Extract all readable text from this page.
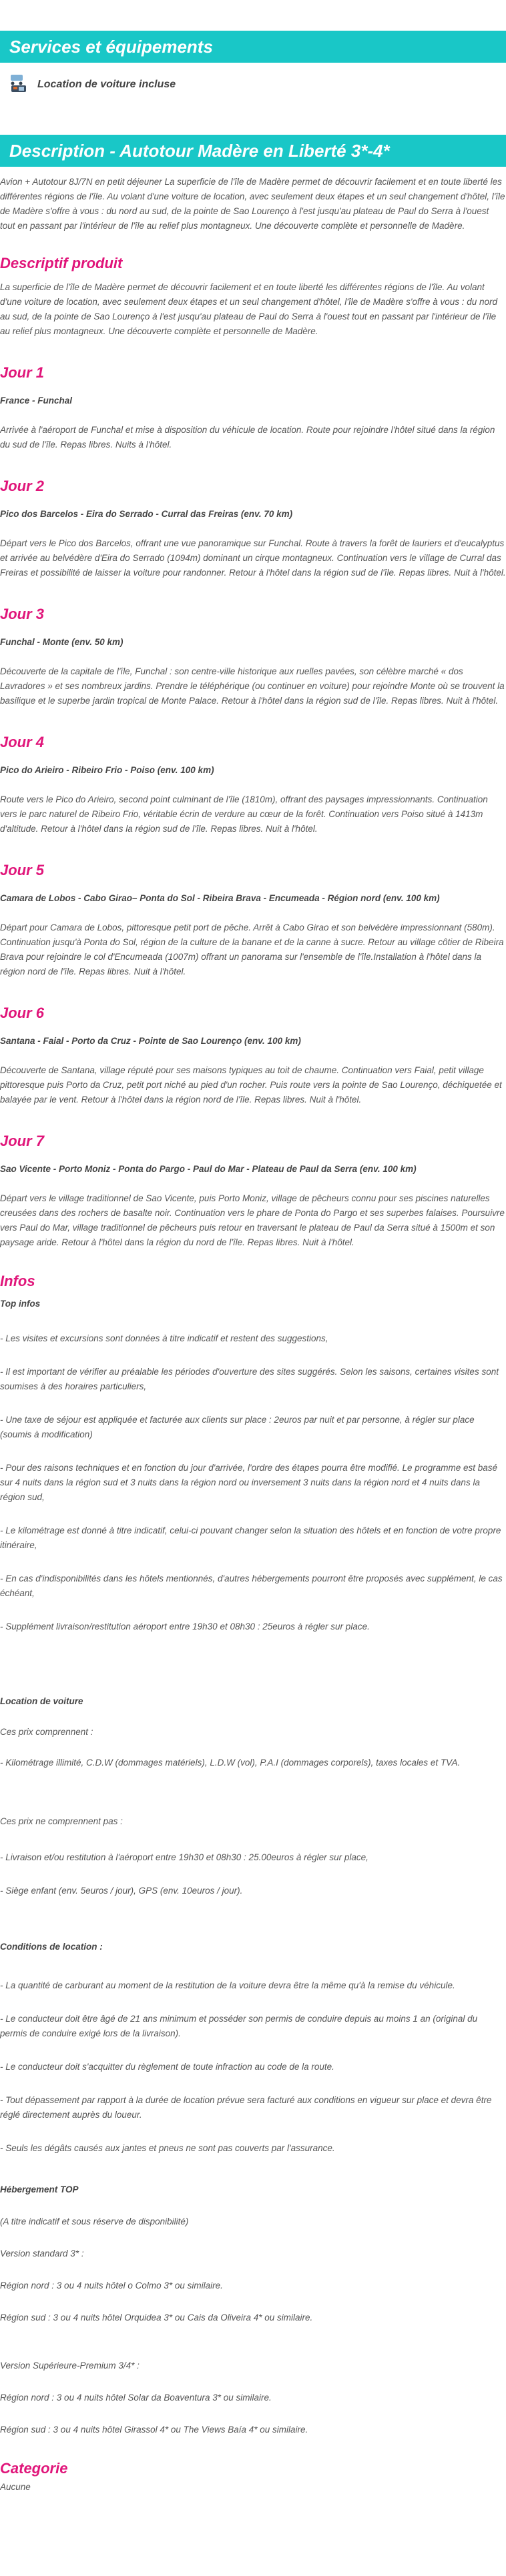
Services et équipements
Location de voiture incluse
Description - Autotour Madère en Liberté 3*-4*

Avion + Autotour 8J/7N en petit déjeuner La superficie de l'île de Madère permet de découvrir facilement et en toute liberté les différentes régions de l'île. Au volant d'une voiture de location, avec seulement deux étapes et un seul changement d'hôtel, l'île de Madère s'offre à vous : du nord au sud, de la pointe de Sao Lourenço à l'est jusqu'au plateau de Paul do Serra à l'ouest tout en passant par l'intérieur de l'île au relief plus montagneux. Une découverte complète et personnelle de Madère.

Descriptif produit

La superficie de l'île de Madère permet de découvrir facilement et en toute liberté les différentes régions de l'île. Au volant d'une voiture de location, avec seulement deux étapes et un seul changement d'hôtel, l'île de Madère s'offre à vous : du nord au sud, de la pointe de Sao Lourenço à l'est jusqu'au plateau de Paul do Serra à l'ouest tout en passant par l'intérieur de l'île au relief plus montagneux. Une découverte complète et personnelle de Madère.

Jour 1
France - Funchal

Arrivée à l'aéroport de Funchal et mise à disposition du véhicule de location. Route pour rejoindre l'hôtel situé dans la région du sud de l'île. Repas libres. Nuits à l'hôtel.

Jour 2
Pico dos Barcelos - Eira do Serrado - Curral das Freiras (env. 70 km)

Départ vers le Pico dos Barcelos, offrant une vue panoramique sur Funchal. Route à travers la forêt de lauriers et d'eucalyptus et arrivée au belvédère d'Eira do Serrado (1094m) dominant un cirque montagneux. Continuation vers le village de Curral das Freiras et possibilité de laisser la voiture pour randonner. Retour à l'hôtel dans la région sud de l'île. Repas libres. Nuit à l'hôtel.

Jour 3
Funchal - Monte (env. 50 km)

Découverte de la capitale de l'île, Funchal : son centre-ville historique aux ruelles pavées, son célèbre marché « dos Lavradores » et ses nombreux jardins. Prendre le téléphérique (ou continuer en voiture) pour rejoindre Monte où se trouvent la basilique et le superbe jardin tropical de Monte Palace. Retour à l'hôtel dans la région sud de l'île. Repas libres. Nuit à l'hôtel.

Jour 4
Pico do Arieiro - Ribeiro Frio - Poiso (env. 100 km)

Route vers le Pico do Arieiro, second point culminant de l'île (1810m), offrant des paysages impressionnants. Continuation vers le parc naturel de Ribeiro Frio, véritable écrin de verdure au cœur de la forêt. Continuation vers Poiso situé à 1413m d'altitude. Retour à l'hôtel dans la région sud de l'île. Repas libres. Nuit à l'hôtel.

Jour 5
Camara de Lobos - Cabo Girao– Ponta do Sol - Ribeira Brava - Encumeada - Région nord (env. 100 km)

Départ pour Camara de Lobos, pittoresque petit port de pêche. Arrêt à Cabo Girao et son belvédère impressionnant (580m). Continuation jusqu'à Ponta do Sol, région de la culture de la banane et de la canne à sucre. Retour au village côtier de Ribeira Brava pour rejoindre le col d'Encumeada (1007m) offrant un panorama sur l'ensemble de l'île.Installation à l'hôtel dans la région nord de l'île. Repas libres. Nuit à l'hôtel.

Jour 6
Santana - Faial - Porto da Cruz - Pointe de Sao Lourenço (env. 100 km)

Découverte de Santana, village réputé pour ses maisons typiques au toit de chaume. Continuation vers Faial, petit village pittoresque puis Porto da Cruz, petit port niché au pied d'un rocher. Puis route vers la pointe de Sao Lourenço, déchiquetée et balayée par le vent. Retour à l'hôtel dans la région nord de l'île. Repas libres. Nuit à l'hôtel.

Jour 7
Sao Vicente - Porto Moniz - Ponta do Pargo - Paul do Mar - Plateau de Paul da Serra (env. 100 km)

Départ vers le village traditionnel de Sao Vicente, puis Porto Moniz, village de pêcheurs connu pour ses piscines naturelles creusées dans des rochers de basalte noir. Continuation vers le phare de Ponta do Pargo et ses superbes falaises. Poursuivre vers Paul do Mar, village traditionnel de pêcheurs puis retour en traversant le plateau de Paul da Serra situé à 1500m et son paysage aride. Retour à l'hôtel dans la région du nord de l'île. Repas libres. Nuit à l'hôtel.

Infos
Top infos

- Les visites et excursions sont données à titre indicatif et restent des suggestions,

- Il est important de vérifier au préalable les périodes d'ouverture des sites suggérés. Selon les saisons, certaines visites sont soumises à des horaires particuliers,

- Une taxe de séjour est appliquée et facturée aux clients sur place : 2euros par nuit et par personne, à régler sur place (soumis à modification)

- Pour des raisons techniques et en fonction du jour d'arrivée, l'ordre des étapes pourra être modifié. Le programme est basé sur 4 nuits dans la région sud et 3 nuits dans la région nord ou inversement 3 nuits dans la région nord et 4 nuits dans la région sud,

- Le kilométrage est donné à titre indicatif, celui-ci pouvant changer selon la situation des hôtels et en fonction de votre propre itinéraire,

- En cas d'indisponibilités dans les hôtels mentionnés, d'autres hébergements pourront être proposés avec supplément, le cas échéant,

- Supplément livraison/restitution aéroport entre 19h30 et 08h30 : 25euros à régler sur place.

Location de voiture

Ces prix comprennent :

- Kilométrage illimité, C.D.W (dommages matériels), L.D.W (vol), P.A.I (dommages corporels), taxes locales et TVA.

Ces prix ne comprennent pas :

- Livraison et/ou restitution à l'aéroport entre 19h30 et 08h30 : 25.00euros à régler sur place,

- Siège enfant (env. 5euros / jour), GPS (env. 10euros / jour).

Conditions de location :

- La quantité de carburant au moment de la restitution de la voiture devra être la même qu'à la remise du véhicule.

- Le conducteur doit être âgé de 21 ans minimum et posséder son permis de conduire depuis au moins 1 an (original du permis de conduire exigé lors de la livraison).

- Le conducteur doit s'acquitter du règlement de toute infraction au code de la route.

- Tout dépassement par rapport à la durée de location prévue sera facturé aux conditions en vigueur sur place et devra être réglé directement auprès du loueur.

- Seuls les dégâts causés aux jantes et pneus ne sont pas couverts par l'assurance.

Hébergement TOP

(A titre indicatif et sous réserve de disponibilité)

Version standard 3* :

Région nord : 3 ou 4 nuits hôtel o Colmo 3* ou similaire.

Région sud : 3 ou 4 nuits hôtel Orquidea 3* ou Cais da Oliveira 4* ou similaire.

Version Supérieure-Premium 3/4* :

Région nord : 3 ou 4 nuits hôtel Solar da Boaventura 3* ou similaire.

Région sud : 3 ou 4 nuits hôtel Girassol 4* ou The Views Baía 4* ou similaire.

Categorie

Aucune
